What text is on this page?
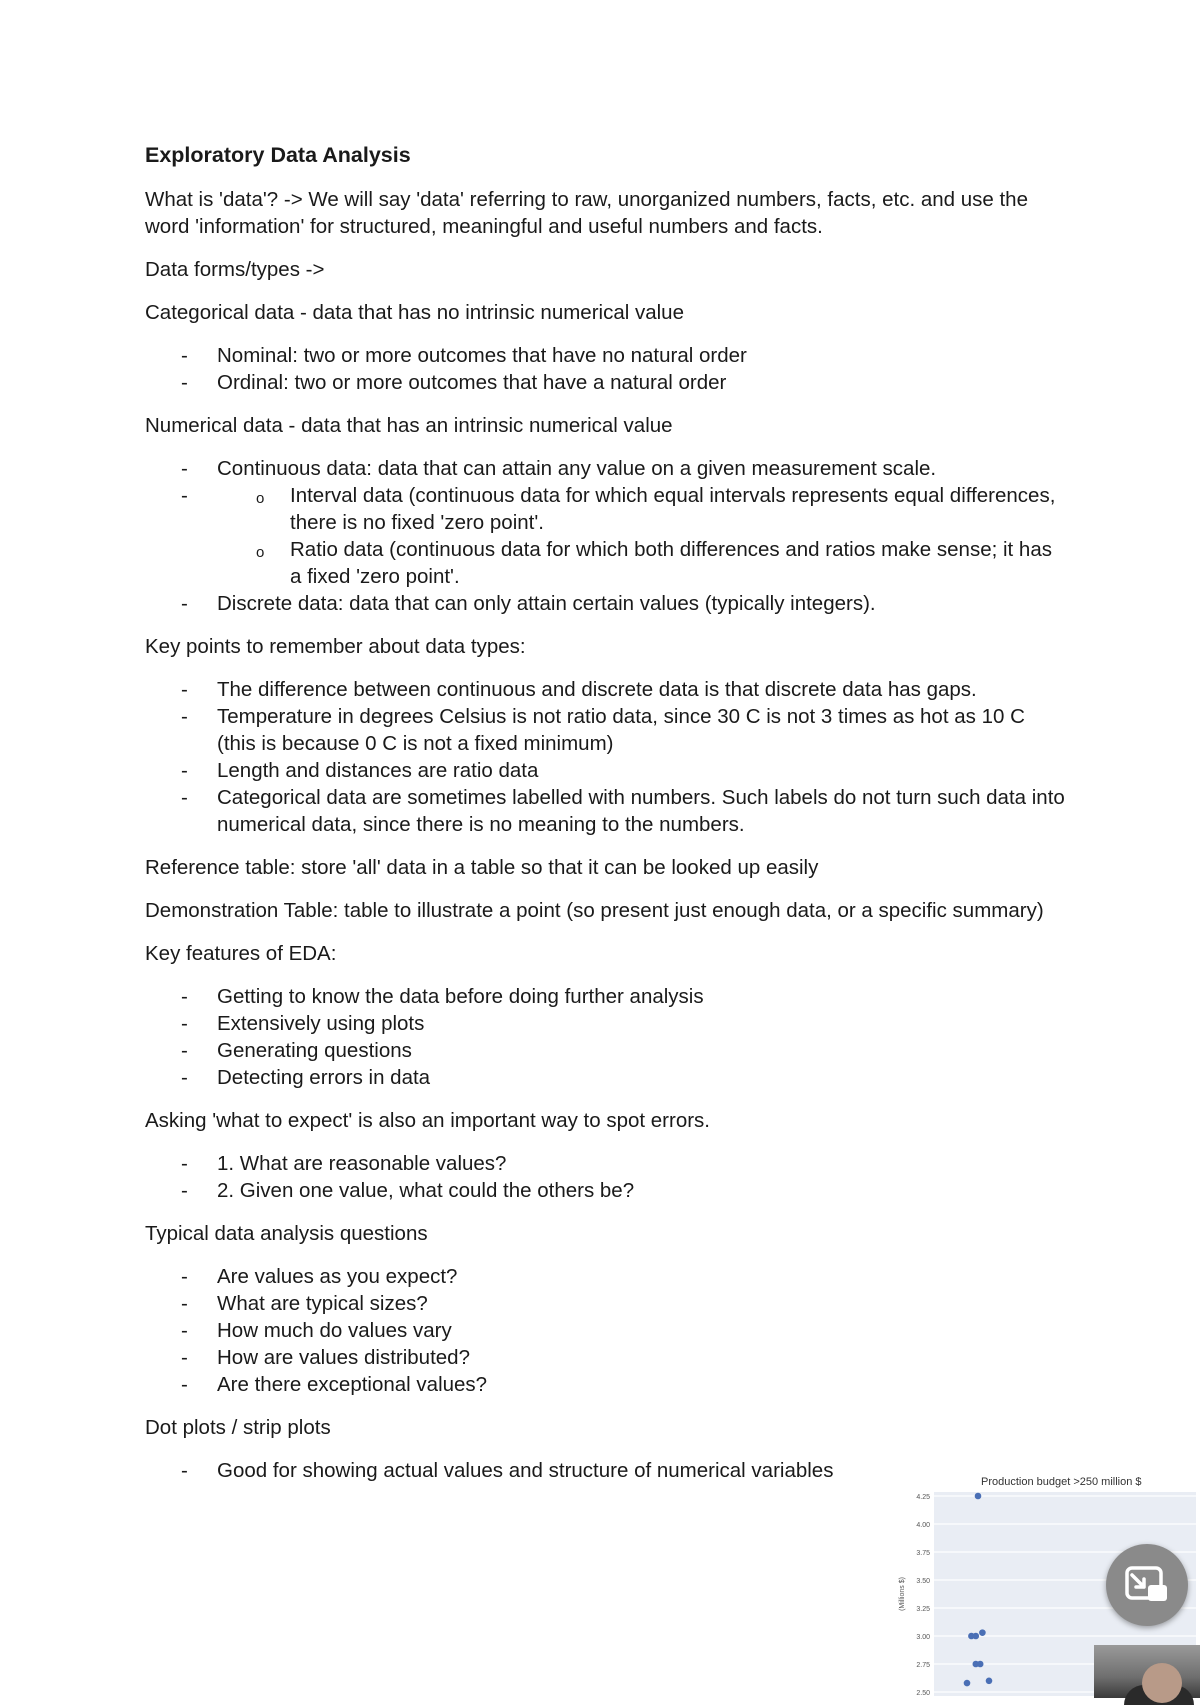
Exploratory Data Analysis

What is 'data'? -> We will say 'data' referring to raw, unorganized numbers, facts, etc. and use the word 'information' for structured, meaningful and useful numbers and facts.

Data forms/types ->

Categorical data - data that has no intrinsic numerical value

- Nominal: two or more outcomes that have no natural order
- Ordinal: two or more outcomes that have a natural order

Numerical data - data that has an intrinsic numerical value

- Continuous data: data that can attain any value on a given measurement scale.
o - Interval data (continuous data for which equal intervals represents equal differences, there is no fixed 'zero point'.
o Ratio data (continuous data for which both differences and ratios make sense; it has a fixed 'zero point'.
- Discrete data: data that can only attain certain values (typically integers).

Key points to remember about data types:

- The difference between continuous and discrete data is that discrete data has gaps.
- Temperature in degrees Celsius is not ratio data, since 30 C is not 3 times as hot as 10 C (this is because 0 C is not a fixed minimum)
- Length and distances are ratio data
- Categorical data are sometimes labelled with numbers. Such labels do not turn such data into numerical data, since there is no meaning to the numbers.

Reference table: store 'all' data in a table so that it can be looked up easily

Demonstration Table: table to illustrate a point (so present just enough data, or a specific summary)

Key features of EDA:

- Getting to know the data before doing further analysis
- Extensively using plots
- Generating questions
- Detecting errors in data

Asking 'what to expect' is also an important way to spot errors.

- 1. What are reasonable values?
- 2. Given one value, what could the others be?

Typical data analysis questions

- Are values as you expect?
- What are typical sizes?
- How much do values vary
- How are values distributed?
- Are there exceptional values?

Dot plots / strip plots

- Good for showing actual values and structure of numerical variables	Production budget >250 million $
4.25
4.00
3.75
3.50
3.25
3.00
2.75
2.50
(Millions $)
